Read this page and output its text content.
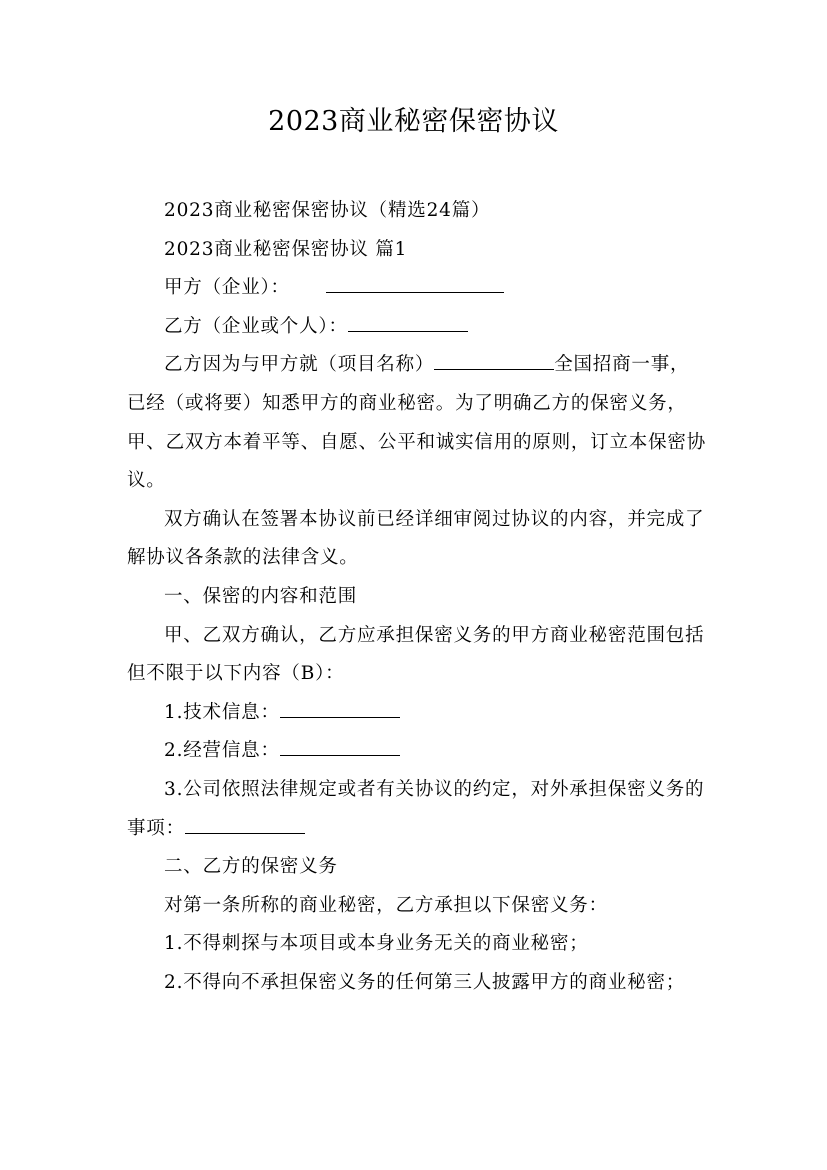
2023商业秘密保密协议

2023商业秘密保密协议（精选24篇）

2023商业秘密保密协议 篇1

甲方（企业）：

乙方（企业或个人）：

乙方因为与甲方就（项目名称）	全国招商一事，已经（或将要）知悉甲方的商业秘密。为了明确乙方的保密义务，甲、乙双方本着平等、自愿、公平和诚实信用的原则，订立本保密协议。

双方确认在签署本协议前已经详细审阅过协议的内容，并完成了解协议各条款的法律含义。

一、保密的内容和范围

甲、乙双方确认，乙方应承担保密义务的甲方商业秘密范围包括但不限于以下内容（B）：

1.技术信息：

2.经营信息：

3.公司依照法律规定或者有关协议的约定，对外承担保密义务的事项：

二、乙方的保密义务

对第一条所称的商业秘密，乙方承担以下保密义务：

1.不得刺探与本项目或本身业务无关的商业秘密；

2.不得向不承担保密义务的任何第三人披露甲方的商业秘密；
